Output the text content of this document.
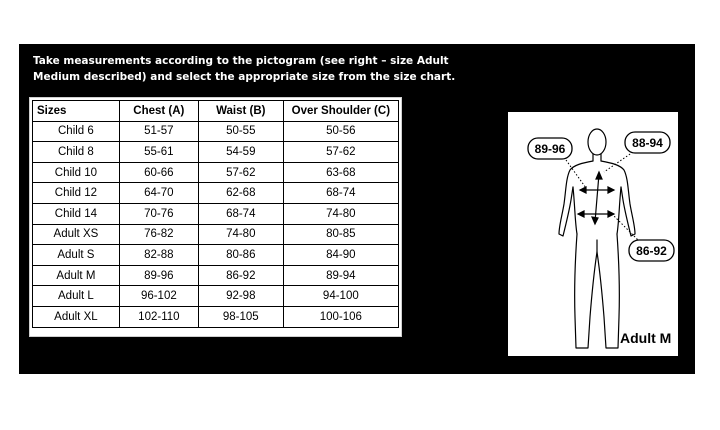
Take measurements according to the pictogram (see right – size Adult
Medium described) and select the appropriate size from the size chart.
Sizes	Chest (A)	Waist (B)	Over Shoulder (C)
Child 6	51-57	50-55	50-56
Child 8	55-61	54-59	57-62
Child 10	60-66	57-62	63-68
Child 12	64-70	62-68	68-74
Child 14	70-76	68-74	74-80
Adult XS	76-82	74-80	80-85
Adult S	82-88	80-86	84-90
Adult M	89-96	86-92	89-94
Adult L	96-102	92-98	94-100
Adult XL	102-110	98-105	100-106
89-96	88-94
86-92
Adult M
